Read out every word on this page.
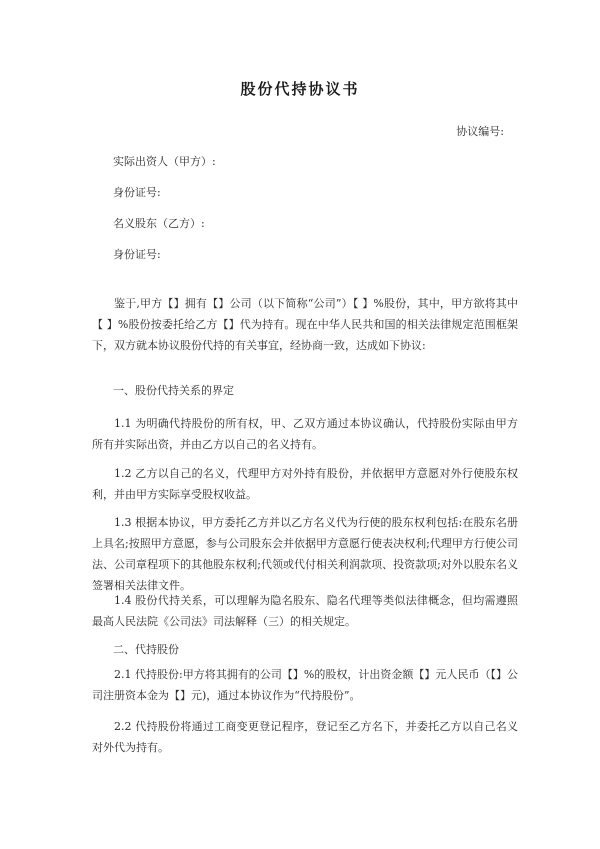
股份代持协议书
协议编号:
实际出资人（甲方）:
身份证号:
名义股东（乙方）:
身份证号:
鉴于,甲方【】拥有【】公司（以下简称“公司”）【 】%股份，其中，甲方欲将其中【 】%股份按委托给乙方【】代为持有。现在中华人民共和国的相关法律规定范围框架下，双方就本协议股份代持的有关事宜，经协商一致，达成如下协议:
一、股份代持关系的界定
1.1 为明确代持股份的所有权，甲、乙双方通过本协议确认，代持股份实际由甲方所有并实际出资，并由乙方以自己的名义持有。
1.2 乙方以自己的名义，代理甲方对外持有股份，并依据甲方意愿对外行使股东权利，并由甲方实际享受股权收益。
1.3 根据本协议，甲方委托乙方并以乙方名义代为行使的股东权利包括:在股东名册上具名;按照甲方意愿，参与公司股东会并依据甲方意愿行使表决权利;代理甲方行使公司法、公司章程项下的其他股东权利;代领或代付相关利润款项、投资款项;对外以股东名义签署相关法律文件。
1.4 股份代持关系，可以理解为隐名股东、隐名代理等类似法律概念，但均需遵照最高人民法院《公司法》司法解释（三）的相关规定。
二、代持股份
2.1 代持股份:甲方将其拥有的公司【】%的股权，计出资金额【】元人民币（【】公司注册资本金为【】元)，通过本协议作为“代持股份”。
2.2 代持股份将通过工商变更登记程序，登记至乙方名下，并委托乙方以自己名义对外代为持有。
